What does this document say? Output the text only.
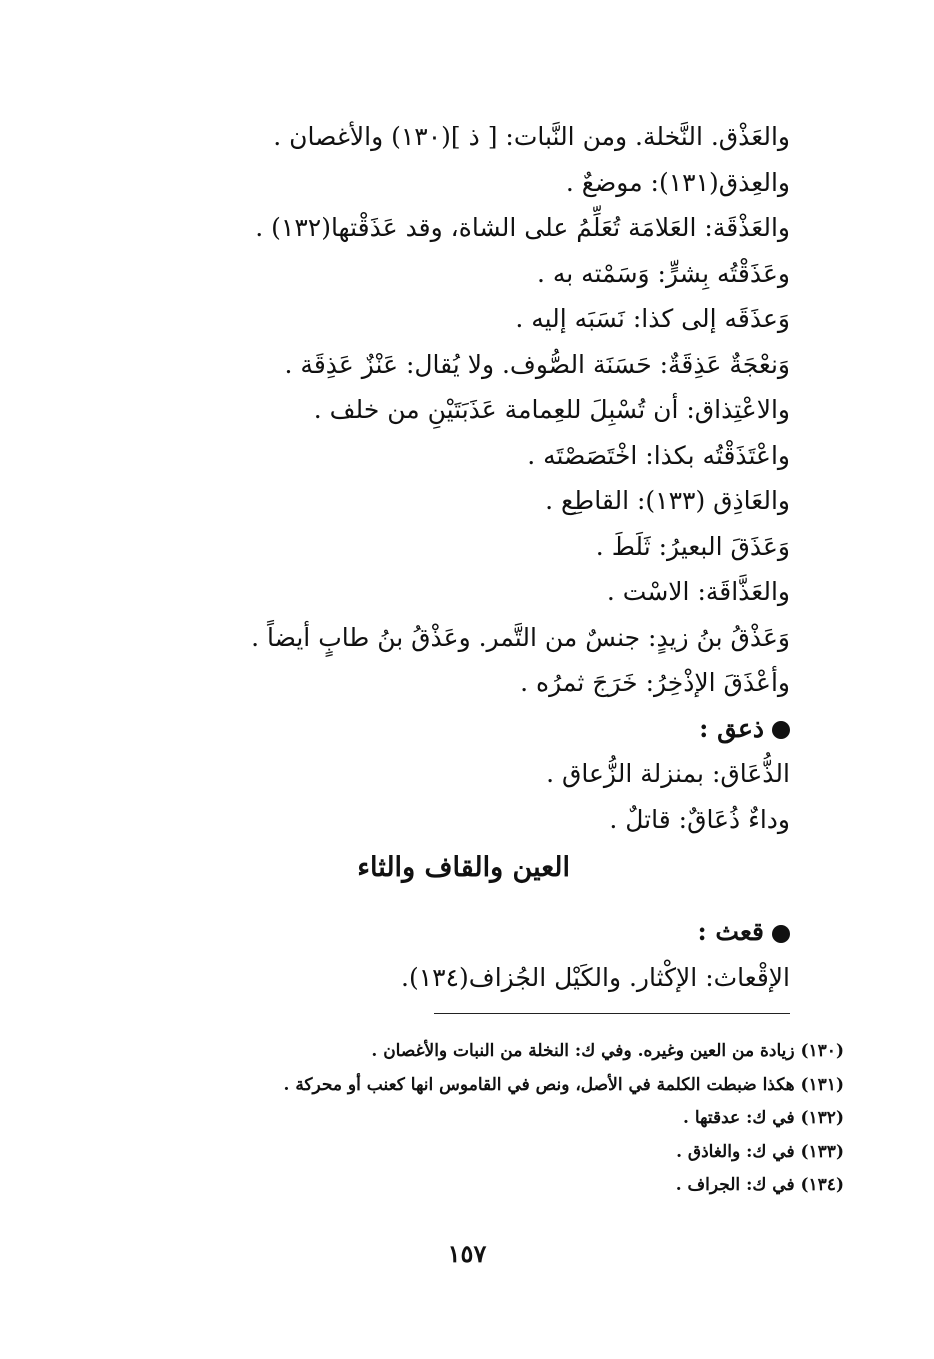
والعَذْق. النَّخلة. ومن النَّبات: [ ذ ](١٣٠) والأغصان .
والعِذق(١٣١): موضعٌ .
والعَذْقَة: العَلامَة تُعَلِّمُ على الشاة، وقد عَذَقْتها(١٣٢) .
وعَذَقْتُه بِشرٍّ: وَسَمْته به .
وَعذَقَه إلى كذا: نَسَبَه إليه .
وَنعْجَةٌ عَذِقَةٌ: حَسَنَة الصُّوف. ولا يُقال: عَنْزٌ عَذِقَة .
والاعْتِذاق: أن تُسْبِلَ للعِمامة عَذَبَتَيْنِ من خلف .
واعْتَذَقْتُه بكذا: اخْتَصَصْتَه .
والعَاذِق (١٣٣): القاطِع .
وَعَذَقَ البعيرُ: ثَلَطَ .
والعَذَّاقَة: الاسْت .
وَعَذْقُ بنُ زيدٍ: جنسٌ من التَّمر. وعَذْقُ بنُ طابٍ أيضاً .
وأعْذَقَ الإذْخِرُ: خَرَجَ ثمرُه .
ذعق :
الذُّعَاق: بمنزلة الزُّعاق .
وداءٌ ذُعَاقٌ: قاتلٌ .
العين والقاف والثاء
قعث :
الإقْعاث: الإكْثار. والكَيْل الجُزاف(١٣٤).
(١٣٠) زيادة من العين وغيره. وفي ك: النخلة من النبات والأغصان .
(١٣١) هكذا ضبطت الكلمة في الأصل، ونص في القاموس انها كعنب أو محركة .
(١٣٢) في ك: عدقتها .
(١٣٣) في ك: والغاذق .
(١٣٤) في ك: الجراف .
١٥٧
